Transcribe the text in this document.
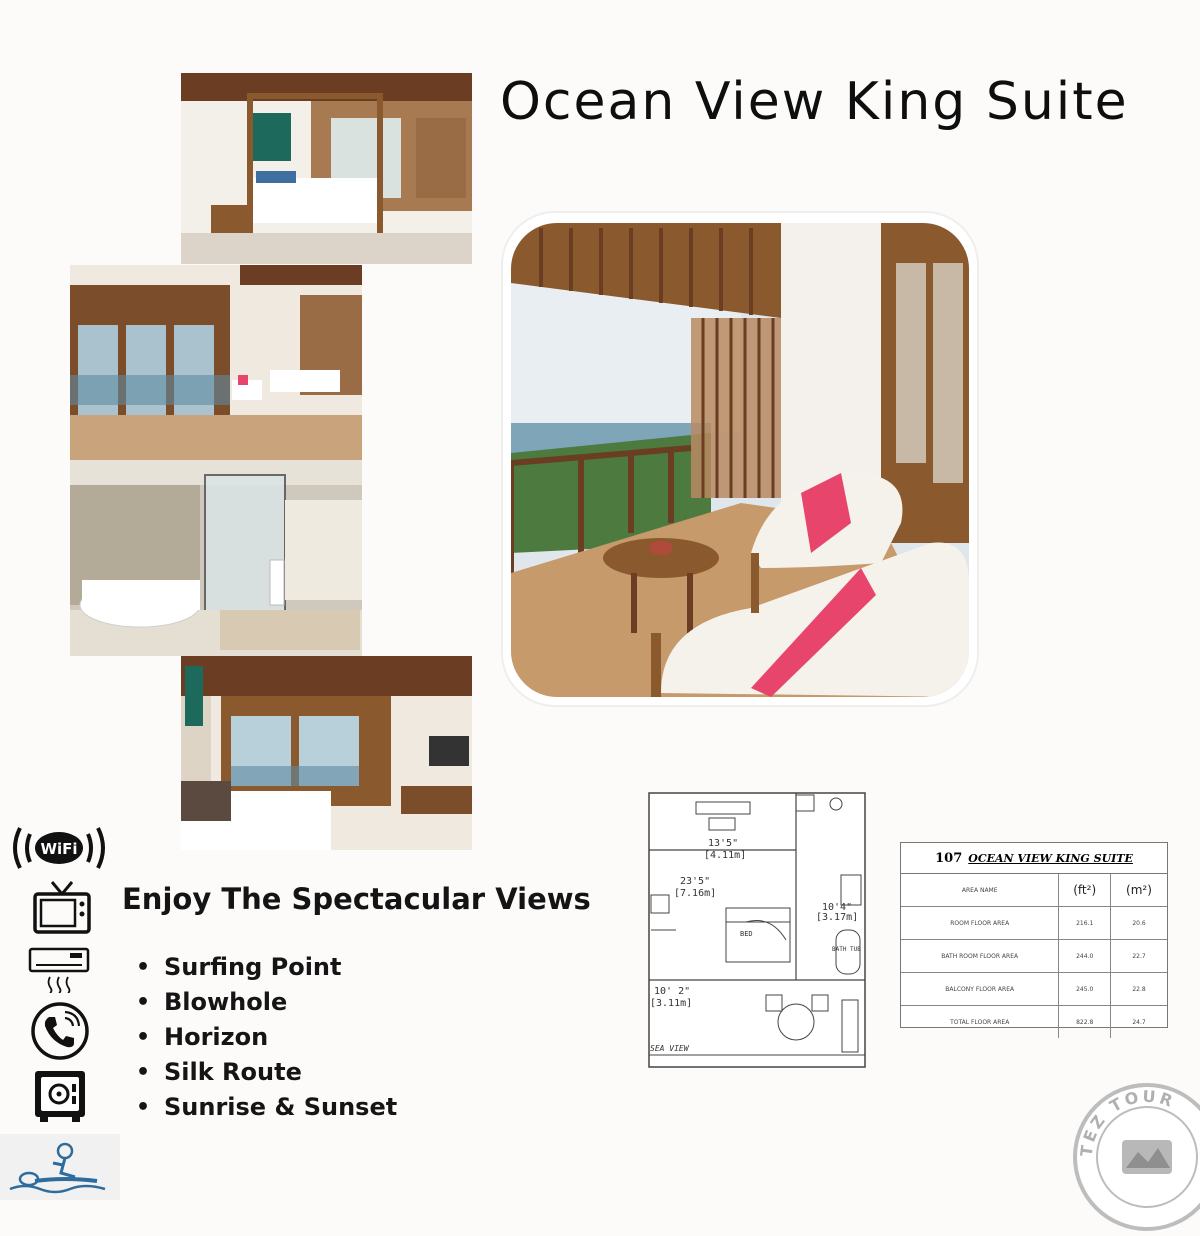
Ocean View King Suite
WiFi
Enjoy The Spectacular Views
• Surfing Point
• Blowhole
• Horizon
• Silk Route
• Sunrise & Sunset
13'5"
[4.11m]
23'5"
[7.16m]
10'4"
[3.17m]
10' 2"
[3.11m]
BED
BATH TUB
SEA VIEW
107 OCEAN VIEW KING SUITE
AREA NAME	(ft²)	(m²)
ROOM FLOOR AREA	216.1	20.6
BATH ROOM FLOOR AREA	244.0	22.7
BALCONY FLOOR AREA	245.0	22.8
TOTAL FLOOR AREA	822.8	24.7
TEZ TOUR
